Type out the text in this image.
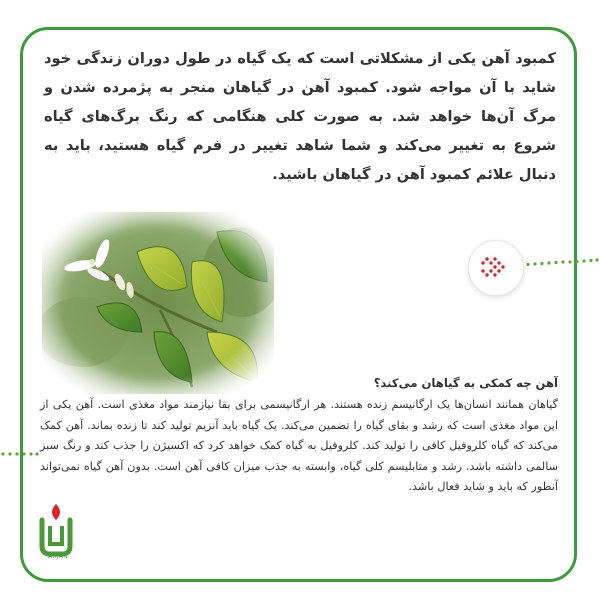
کمبود آهن یکی از مشکلاتی است که یک گیاه در طول دوران زندگی خود شاید با آن مواجه شود. کمبود آهن در گیاهان منجر به پژمرده شدن و مرگ آن‌ها خواهد شد. به صورت کلی هنگامی که رنگ برگ‌های گیاه شروع به تغییر می‌کند و شما شاهد تغییر در فرم گیاه هستید، باید به دنبال علائم کمبود آهن در گیاهان باشید.

آهن چه کمکی به گیاهان می‌کند؟

گیاهان همانند انسان‌ها یک ارگانیسم زنده هستند. هر ارگانیسمی برای بقا نیازمند مواد مغذی است. آهن یکی از این مواد مغذی است که رشد و بقای گیاه را تضمین می‌کند. یک گیاه باید آنزیم تولید کند تا زنده بماند. آهن کمک می‌کند که گیاه کلروفیل کافی را تولید کند. کلروفیل به گیاه کمک خواهد کرد که اکسیژن را جذب کند و رنگ سبز سالمی داشته باشد. رشد و متابلیسم کلی گیاه، وابسته به جذب میزان کافی آهن است. بدون آهن گیاه نمی‌تواند آنطور که باید و شاید فعال باشد.

ARJAN
